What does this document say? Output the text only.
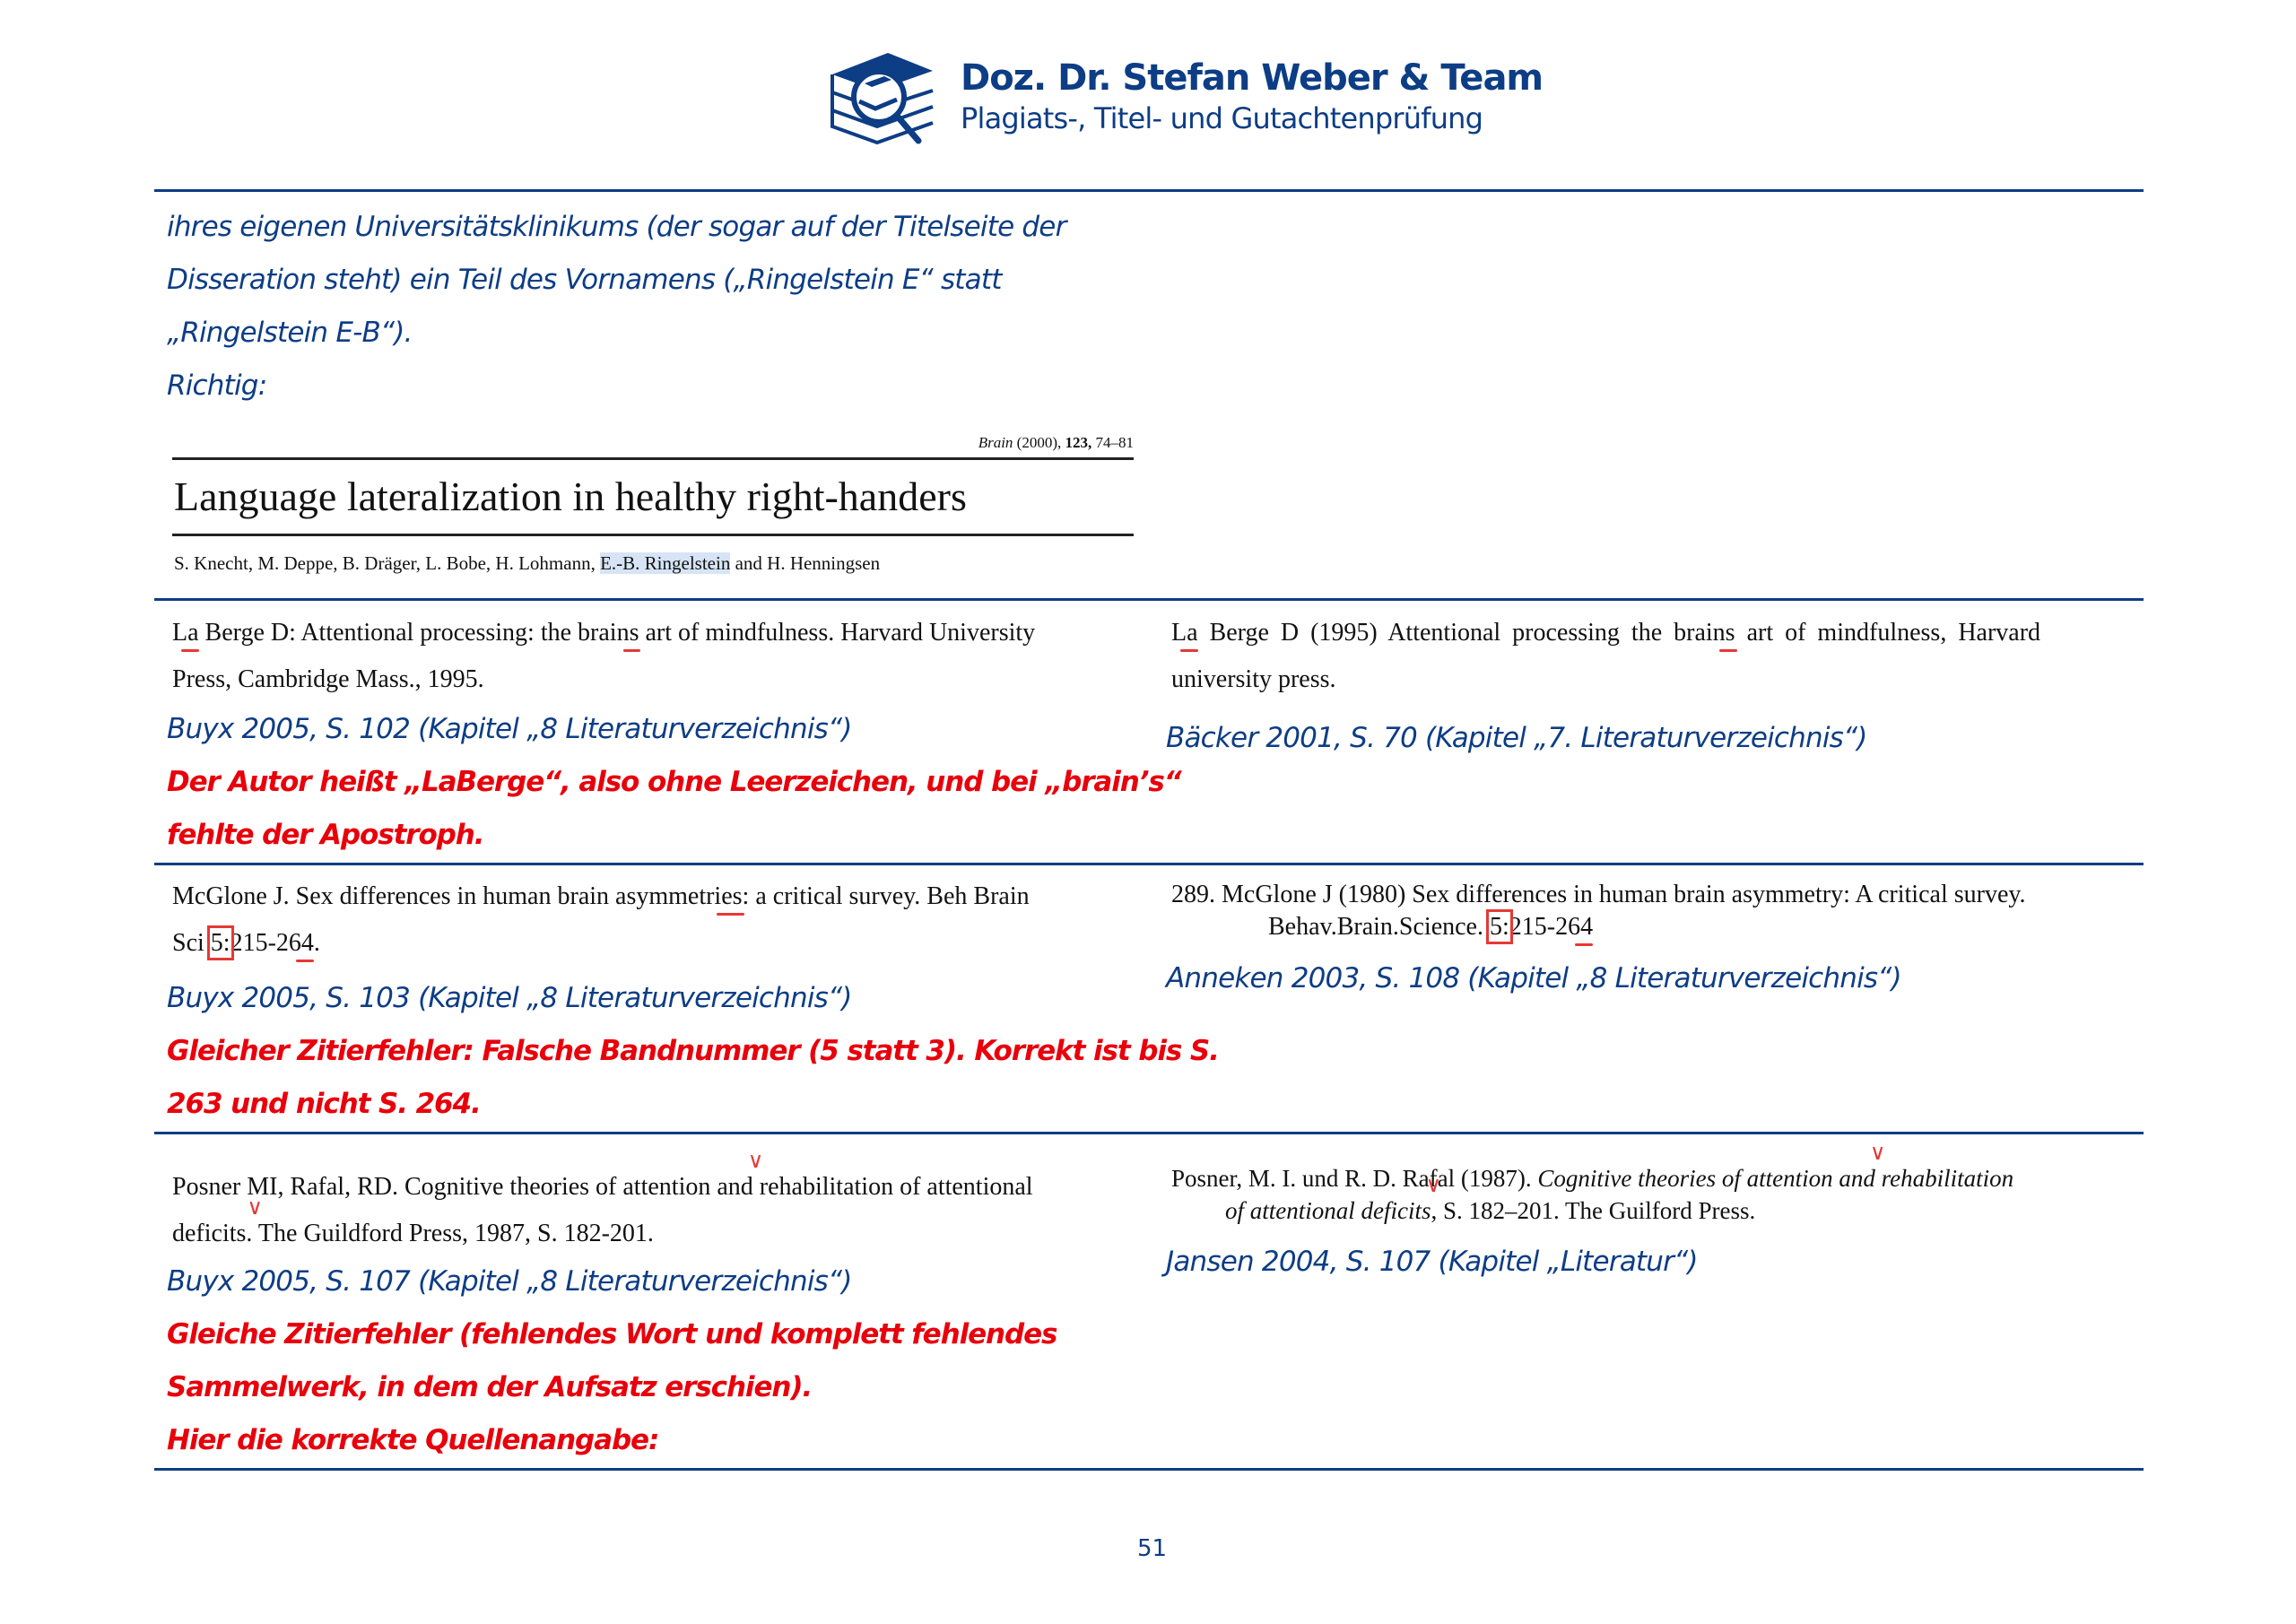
Doz. Dr. Stefan Weber & Team
Plagiats-, Titel- und Gutachtenprüfung
ihres eigenen Universitätsklinikums (der sogar auf der Titelseite der
Disseration steht) ein Teil des Vornamens („Ringelstein E“ statt
„Ringelstein E-B“).
Richtig:
Brain (2000), 123, 74–81
Language lateralization in healthy right-handers
S. Knecht, M. Deppe, B. Dräger, L. Bobe, H. Lohmann, E.-B. Ringelstein and H. Henningsen
La Berge D: Attentional processing: the brains art of mindfulness. Harvard University
Press, Cambridge Mass., 1995.
Buyx 2005, S. 102 (Kapitel „8 Literaturverzeichnis“)
Der Autor heißt „LaBerge“, also ohne Leerzeichen, und bei „brain’s“
fehlte der Apostroph.
La Berge D (1995) Attentional processing the brains art of mindfulness, Harvard
university press.
Bäcker 2001, S. 70 (Kapitel „7. Literaturverzeichnis“)
McGlone J. Sex differences in human brain asymmetries: a critical survey. Beh Brain
Sci 5:215-264.
Buyx 2005, S. 103 (Kapitel „8 Literaturverzeichnis“)
Gleicher Zitierfehler: Falsche Bandnummer (5 statt 3). Korrekt ist bis S.
263 und nicht S. 264.
289. McGlone J (1980) Sex differences in human brain asymmetry: A critical survey.
Behav.Brain.Science. 5:215-264
Anneken 2003, S. 108 (Kapitel „8 Literaturverzeichnis“)
Posner MI, Rafal, RD. Cognitive theories of attention and rehabilitation of attentional
deficits. The Guildford Press, 1987, S. 182-201.
Buyx 2005, S. 107 (Kapitel „8 Literaturverzeichnis“)
Gleiche Zitierfehler (fehlendes Wort und komplett fehlendes
Sammelwerk, in dem der Aufsatz erschien).
Hier die korrekte Quellenangabe:
Posner, M. I. und R. D. Rafal (1987). Cognitive theories of attention and rehabilitation
of attentional deficits, S. 182–201. The Guilford Press.
Jansen 2004, S. 107 (Kapitel „Literatur“)
51
